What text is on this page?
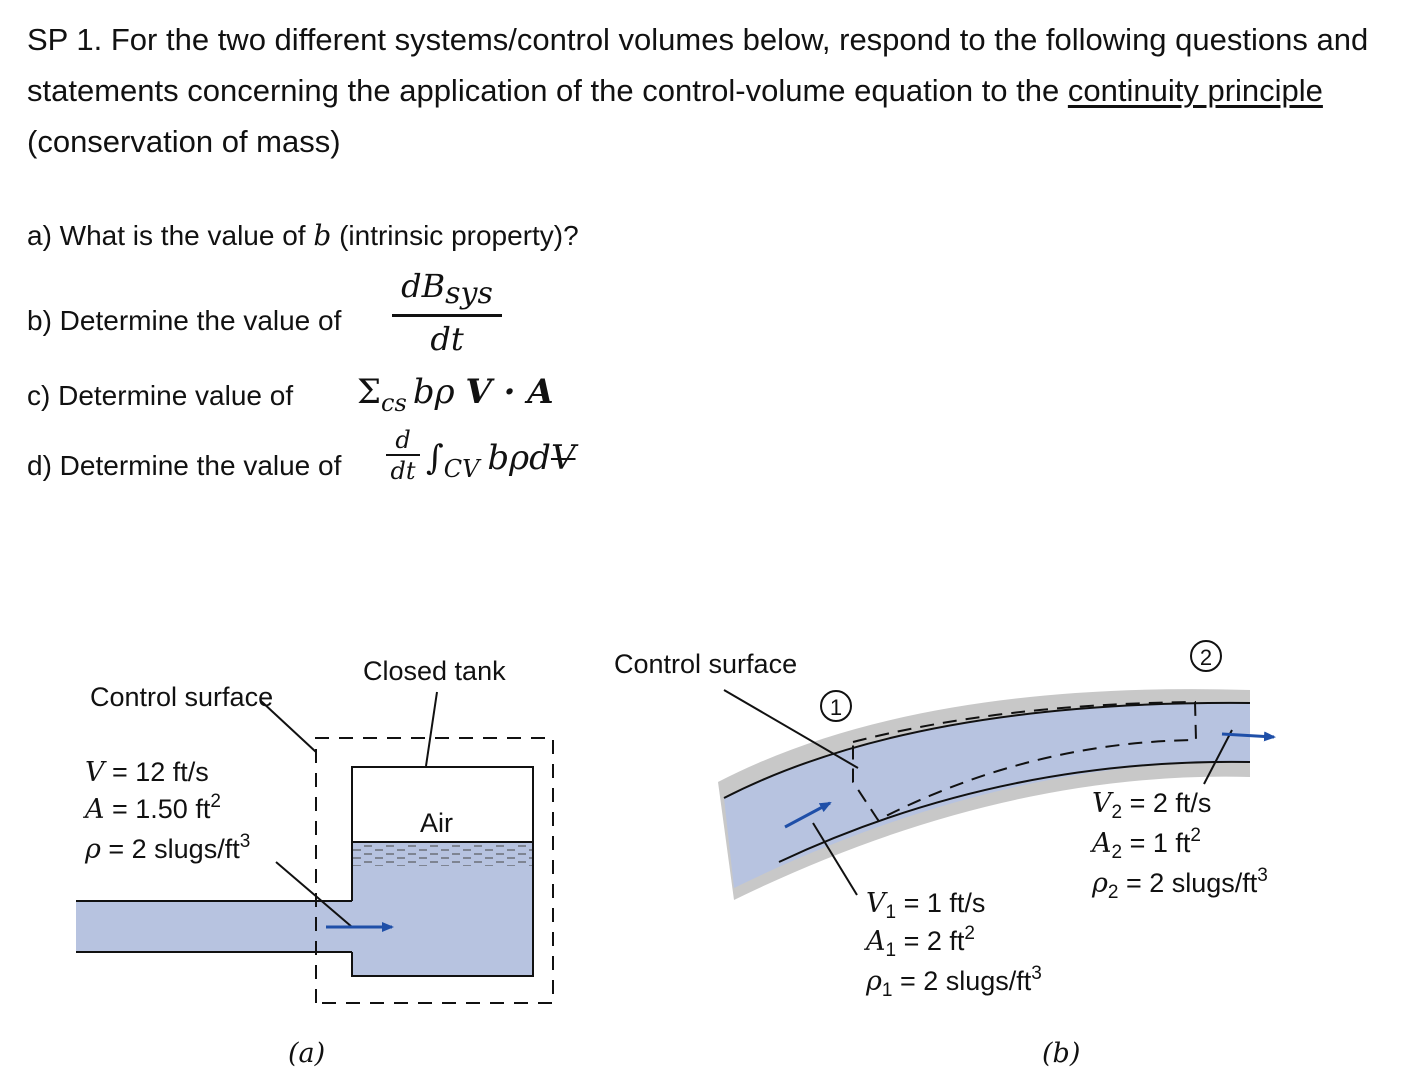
SP 1. For the two different systems/control volumes below, respond to the following questions and statements concerning the application of the control-volume equation to the continuity principle (conservation of mass)
a) What is the value of b (intrinsic property)?
b) Determine the value of
$dB_{sys}$
dt
c) Determine value of $\Sigma_{cs}$ bρ V · A
d) Determine the value of
d
dt $\int_{CV}$ bρdV
Control surface
Closed tank
Air
V = 12 ft/s
A = 1.50 $ft^2$
ρ = 2 slugs/$ft^3$
(a)
1
2
Control surface
$V_1 = 1$ ft/s
$A_1 = 2$ $ft^2$
$\rho_1 = 2$ slugs/$ft^3$
$V_2 = 2$ ft/s
$A_2 = 1$ $ft^2$
$\rho_2 = 2$ slugs/$ft^3$
(b)
